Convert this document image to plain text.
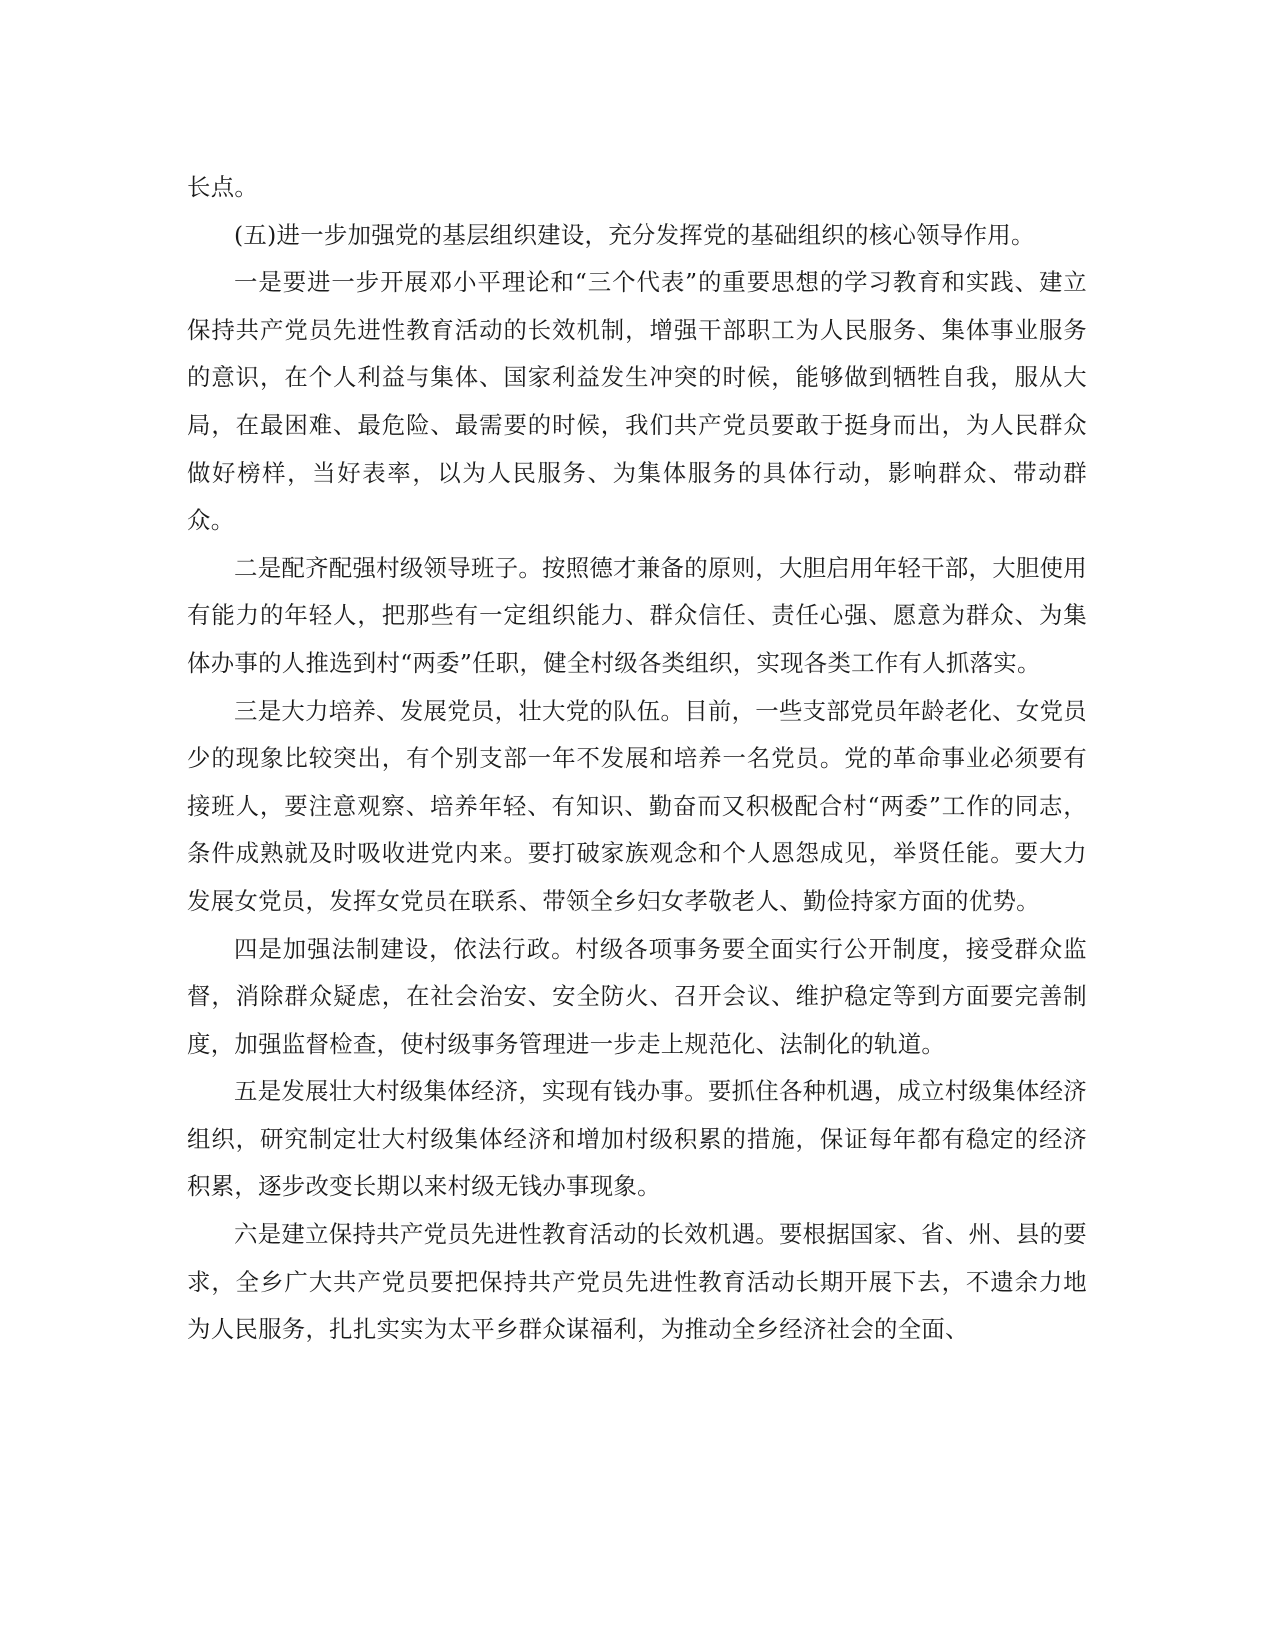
长点。

(五)进一步加强党的基层组织建设，充分发挥党的基础组织的核心领导作用。

一是要进一步开展邓小平理论和“三个代表”的重要思想的学习教育和实践、建立保持共产党员先进性教育活动的长效机制，增强干部职工为人民服务、集体事业服务的意识，在个人利益与集体、国家利益发生冲突的时候，能够做到牺牲自我，服从大局，在最困难、最危险、最需要的时候，我们共产党员要敢于挺身而出，为人民群众做好榜样，当好表率，以为人民服务、为集体服务的具体行动，影响群众、带动群众。

二是配齐配强村级领导班子。按照德才兼备的原则，大胆启用年轻干部，大胆使用有能力的年轻人，把那些有一定组织能力、群众信任、责任心强、愿意为群众、为集体办事的人推选到村“两委”任职，健全村级各类组织，实现各类工作有人抓落实。

三是大力培养、发展党员，壮大党的队伍。目前，一些支部党员年龄老化、女党员少的现象比较突出，有个别支部一年不发展和培养一名党员。党的革命事业必须要有接班人，要注意观察、培养年轻、有知识、勤奋而又积极配合村“两委”工作的同志，条件成熟就及时吸收进党内来。要打破家族观念和个人恩怨成见，举贤任能。要大力发展女党员，发挥女党员在联系、带领全乡妇女孝敬老人、勤俭持家方面的优势。

四是加强法制建设，依法行政。村级各项事务要全面实行公开制度，接受群众监督，消除群众疑虑，在社会治安、安全防火、召开会议、维护稳定等到方面要完善制度，加强监督检查，使村级事务管理进一步走上规范化、法制化的轨道。

五是发展壮大村级集体经济，实现有钱办事。要抓住各种机遇，成立村级集体经济组织，研究制定壮大村级集体经济和增加村级积累的措施，保证每年都有稳定的经济积累，逐步改变长期以来村级无钱办事现象。

六是建立保持共产党员先进性教育活动的长效机遇。要根据国家、省、州、县的要求，全乡广大共产党员要把保持共产党员先进性教育活动长期开展下去，不遗余力地为人民服务，扎扎实实为太平乡群众谋福利，为推动全乡经济社会的全面、
